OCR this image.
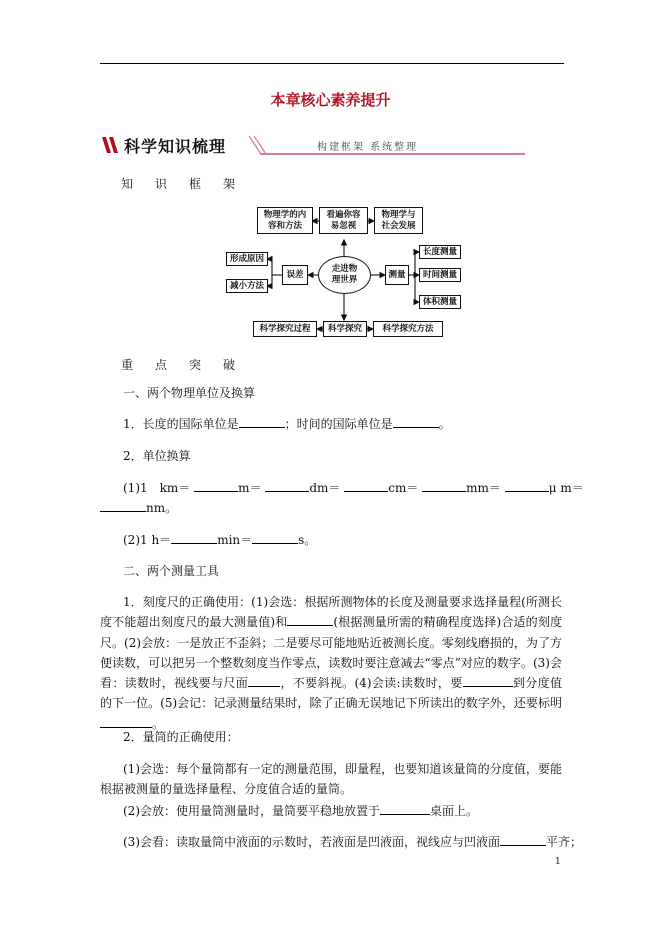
本章核心素养提升
科学知识梳理	构建框架 系统整理
知识框架
物理学的内
容和方法
看遍你容
易忽视
物理学与
社会发展
形成原因
减小方法
误差
走进物
理世界
测量
长度测量
时间测量
体积测量
科学探究过程	科学探究	科学探究方法
重点突破
一、两个物理单位及换算
1．长度的国际单位是	；时间的国际单位是	。
2．单位换算
(1)1　km＝	m＝	dm＝	cm＝	mm＝	μ m＝
nm。
(2)1 h＝	min＝	s。
二、两个测量工具
1．刻度尺的正确使用：(1)会选：根据所测物体的长度及测量要求选择量程(所测长度不能超出刻度尺的最大测量值)和	(根据测量所需的精确程度选择)合适的刻度尺。(2)会放：一是放正不歪斜；二是要尽可能地贴近被测长度。零刻线磨损的，为了方便读数，可以把另一个整数刻度当作零点，读数时要注意减去“零点”对应的数字。(3)会看：读数时，视线要与尺面	，不要斜视。(4)会读:读数时，要	到分度值的下一位。(5)会记：记录测量结果时，除了正确无误地记下所读出的数字外，还要标明。
2．量筒的正确使用：
(1)会选：每个量筒都有一定的测量范围，即量程，也要知道该量筒的分度值，要能根据被测量的量选择量程、分度值合适的量筒。
(2)会放：使用量筒测量时，量筒要平稳地放置于	桌面上。
(3)会看：读取量筒中液面的示数时，若液面是凹液面，视线应与凹液面	平齐；
1
